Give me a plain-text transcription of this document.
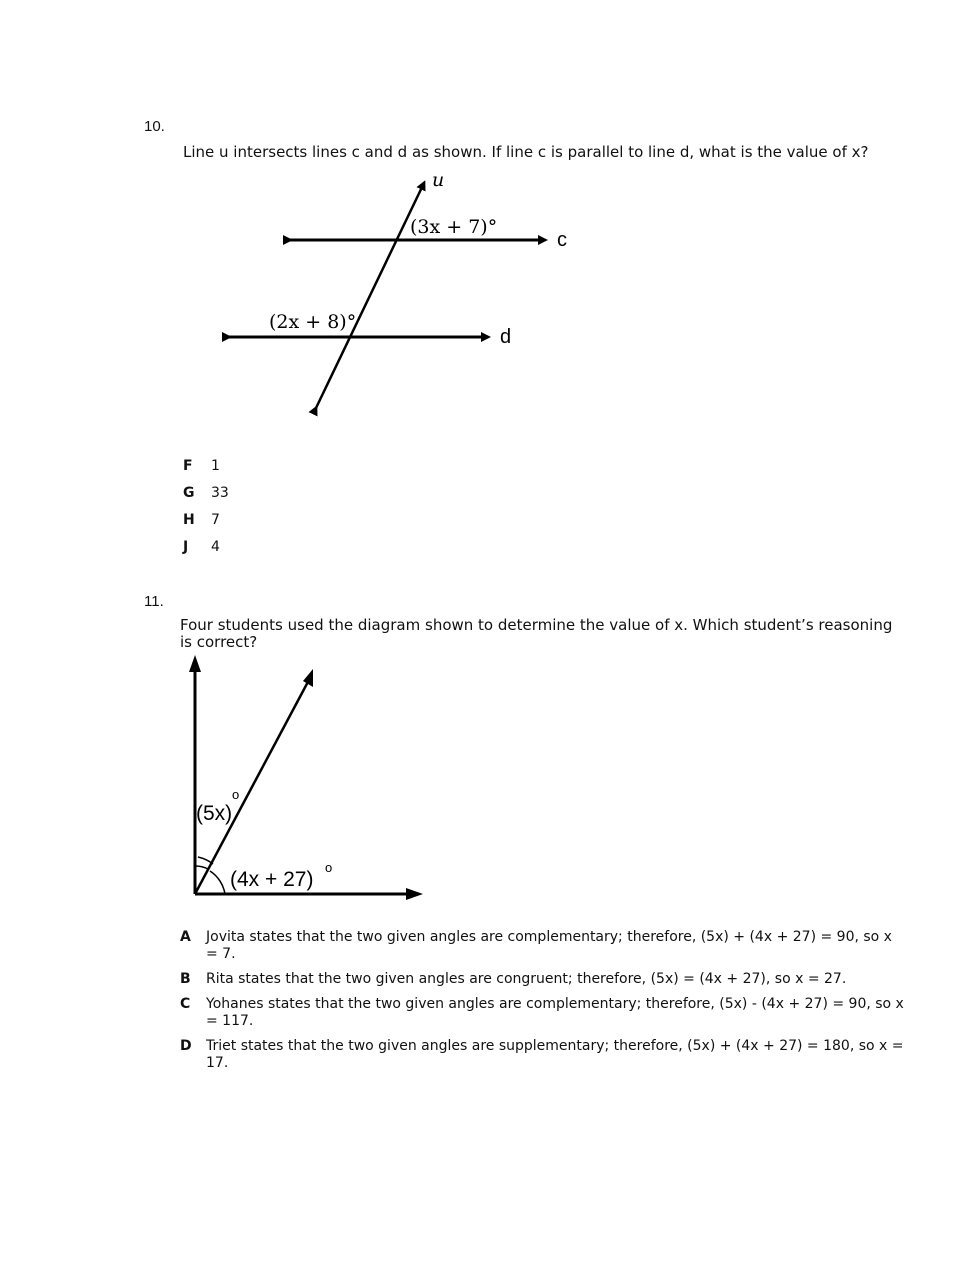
10.
Line u intersects lines c and d as shown. If line c is parallel to line d, what is the value of x?
u
c
d
(3x + 7)°
(2x + 8)°
F	1
G	33
H	7
J	4
11.
Four students used the diagram shown to determine the value of x. Which student’s reasoning is correct?
(5x)
o
(4x + 27)
o
A	Jovita states that the two given angles are complementary; therefore, (5x) + (4x + 27) = 90, so x = 7.
B	Rita states that the two given angles are congruent; therefore, (5x) = (4x + 27), so x = 27.
C	Yohanes states that the two given angles are complementary; therefore, (5x) - (4x + 27) = 90, so x = 117.
D	Triet states that the two given angles are supplementary; therefore, (5x) + (4x + 27) = 180, so x = 17.
